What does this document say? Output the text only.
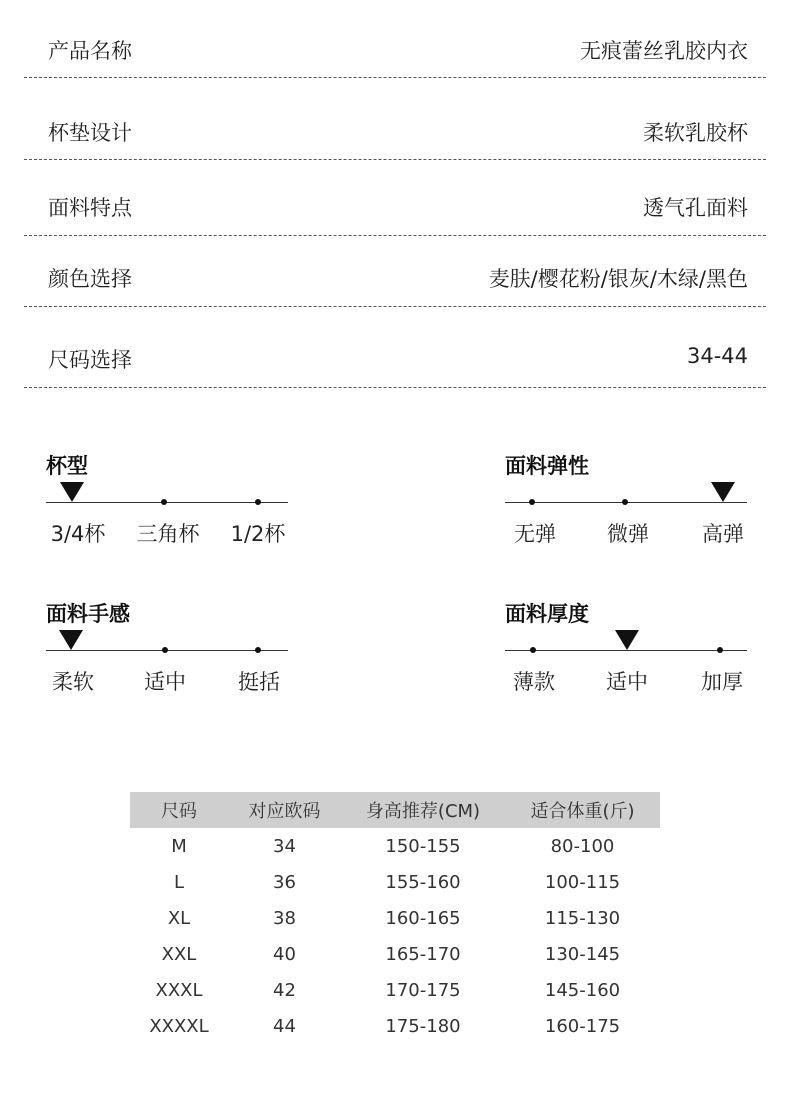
产品名称	无痕蕾丝乳胶内衣
杯垫设计	柔软乳胶杯
面料特点	透气孔面料
颜色选择	麦肤/樱花粉/银灰/木绿/黑色
尺码选择	34-44
杯型
3/4杯 三角杯 1/2杯
面料弹性
无弹 微弹	高弹
面料手感
柔软 适中 挺括
面料厚度
薄款 适中	加厚
尺码	对应欧码	身高推荐(CM)	适合体重(斤)
M	34	150-155	80-100
L	36	155-160	100-115
XL	38	160-165	115-130
XXL	40	165-170	130-145
XXXL	42	170-175	145-160
XXXXL	44	175-180	160-175
